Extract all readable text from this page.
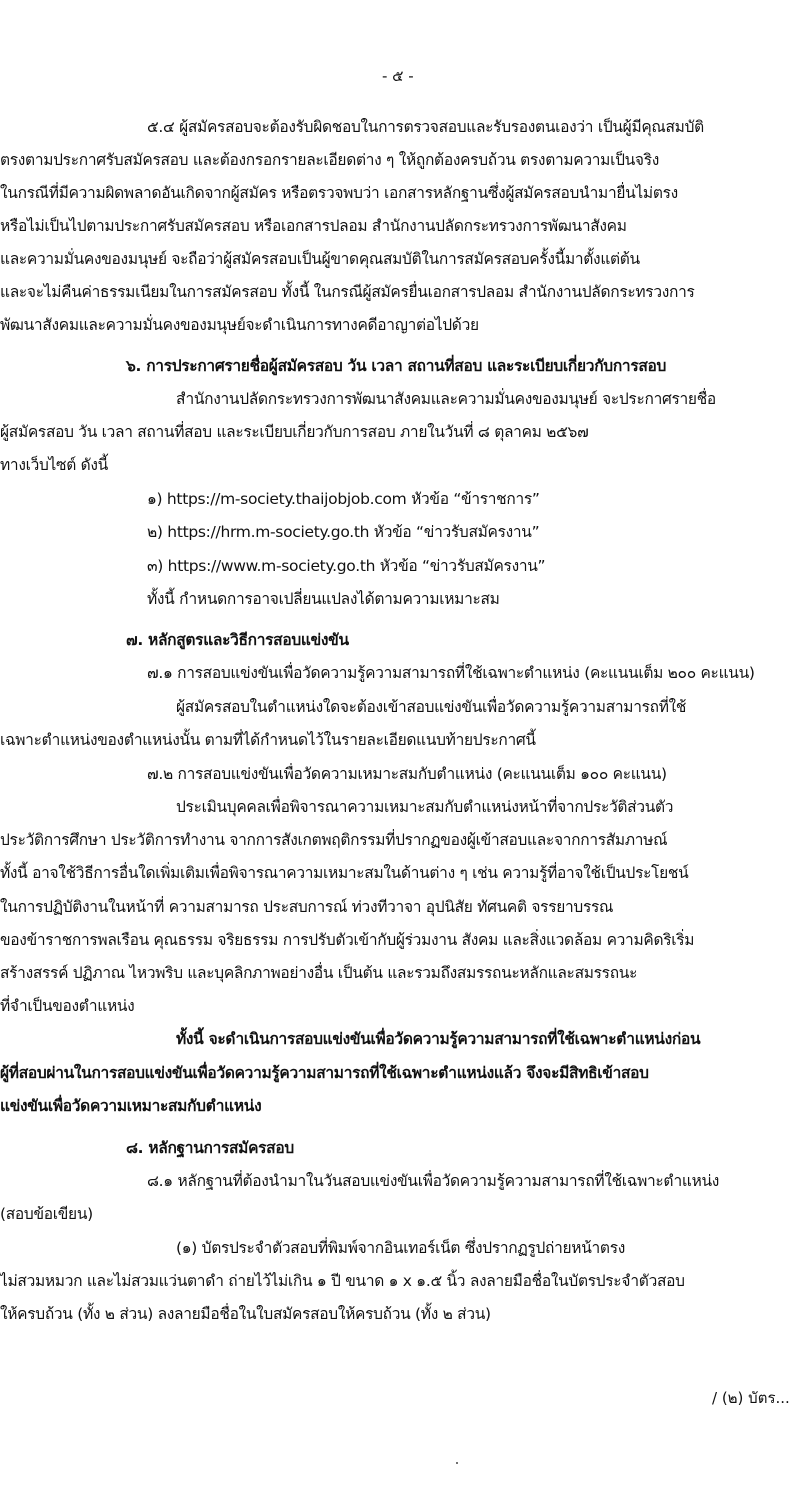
- ๕ -
๕.๔ ผู้สมัครสอบจะต้องรับผิดชอบในการตรวจสอบและรับรองตนเองว่า เป็นผู้มีคุณสมบัติ
ตรงตามประกาศรับสมัครสอบ และต้องกรอกรายละเอียดต่าง ๆ ให้ถูกต้องครบถ้วน ตรงตามความเป็นจริง
ในกรณีที่มีความผิดพลาดอันเกิดจากผู้สมัคร หรือตรวจพบว่า เอกสารหลักฐานซึ่งผู้สมัครสอบนำมายื่นไม่ตรง
หรือไม่เป็นไปตามประกาศรับสมัครสอบ หรือเอกสารปลอม สำนักงานปลัดกระทรวงการพัฒนาสังคม
และความมั่นคงของมนุษย์ จะถือว่าผู้สมัครสอบเป็นผู้ขาดคุณสมบัติในการสมัครสอบครั้งนี้มาตั้งแต่ต้น
และจะไม่คืนค่าธรรมเนียมในการสมัครสอบ ทั้งนี้ ในกรณีผู้สมัครยื่นเอกสารปลอม สำนักงานปลัดกระทรวงการ
พัฒนาสังคมและความมั่นคงของมนุษย์จะดำเนินการทางคดีอาญาต่อไปด้วย
๖. การประกาศรายชื่อผู้สมัครสอบ วัน เวลา สถานที่สอบ และระเบียบเกี่ยวกับการสอบ
สำนักงานปลัดกระทรวงการพัฒนาสังคมและความมั่นคงของมนุษย์ จะประกาศรายชื่อ
ผู้สมัครสอบ วัน เวลา สถานที่สอบ และระเบียบเกี่ยวกับการสอบ ภายในวันที่ ๘ ตุลาคม ๒๕๖๗
ทางเว็บไซต์ ดังนี้
๑) https://m-society.thaijobjob.com หัวข้อ “ข้าราชการ”
๒) https://hrm.m-society.go.th หัวข้อ “ข่าวรับสมัครงาน”
๓) https://www.m-society.go.th หัวข้อ “ข่าวรับสมัครงาน”
ทั้งนี้ กำหนดการอาจเปลี่ยนแปลงได้ตามความเหมาะสม
๗. หลักสูตรและวิธีการสอบแข่งขัน
๗.๑ การสอบแข่งขันเพื่อวัดความรู้ความสามารถที่ใช้เฉพาะตำแหน่ง (คะแนนเต็ม ๒๐๐ คะแนน)
ผู้สมัครสอบในตำแหน่งใดจะต้องเข้าสอบแข่งขันเพื่อวัดความรู้ความสามารถที่ใช้
เฉพาะตำแหน่งของตำแหน่งนั้น ตามที่ได้กำหนดไว้ในรายละเอียดแนบท้ายประกาศนี้
๗.๒ การสอบแข่งขันเพื่อวัดความเหมาะสมกับตำแหน่ง (คะแนนเต็ม ๑๐๐ คะแนน)
ประเมินบุคคลเพื่อพิจารณาความเหมาะสมกับตำแหน่งหน้าที่จากประวัติส่วนตัว
ประวัติการศึกษา ประวัติการทำงาน จากการสังเกตพฤติกรรมที่ปรากฏของผู้เข้าสอบและจากการสัมภาษณ์
ทั้งนี้ อาจใช้วิธีการอื่นใดเพิ่มเติมเพื่อพิจารณาความเหมาะสมในด้านต่าง ๆ เช่น ความรู้ที่อาจใช้เป็นประโยชน์
ในการปฏิบัติงานในหน้าที่ ความสามารถ ประสบการณ์ ท่วงทีวาจา อุปนิสัย ทัศนคติ จรรยาบรรณ
ของข้าราชการพลเรือน คุณธรรม จริยธรรม การปรับตัวเข้ากับผู้ร่วมงาน สังคม และสิ่งแวดล้อม ความคิดริเริ่ม
สร้างสรรค์ ปฏิภาณ ไหวพริบ และบุคลิกภาพอย่างอื่น เป็นต้น และรวมถึงสมรรถนะหลักและสมรรถนะ
ที่จำเป็นของตำแหน่ง
ทั้งนี้ จะดำเนินการสอบแข่งขันเพื่อวัดความรู้ความสามารถที่ใช้เฉพาะตำแหน่งก่อน
ผู้ที่สอบผ่านในการสอบแข่งขันเพื่อวัดความรู้ความสามารถที่ใช้เฉพาะตำแหน่งแล้ว จึงจะมีสิทธิเข้าสอบ
แข่งขันเพื่อวัดความเหมาะสมกับตำแหน่ง
๘. หลักฐานการสมัครสอบ
๘.๑ หลักฐานที่ต้องนำมาในวันสอบแข่งขันเพื่อวัดความรู้ความสามารถที่ใช้เฉพาะตำแหน่ง
(สอบข้อเขียน)
(๑) บัตรประจำตัวสอบที่พิมพ์จากอินเทอร์เน็ต ซึ่งปรากฏรูปถ่ายหน้าตรง
ไม่สวมหมวก และไม่สวมแว่นตาดำ ถ่ายไว้ไม่เกิน ๑ ปี ขนาด ๑ x ๑.๕ นิ้ว ลงลายมือชื่อในบัตรประจำตัวสอบ
ให้ครบถ้วน (ทั้ง ๒ ส่วน) ลงลายมือชื่อในใบสมัครสอบให้ครบถ้วน (ทั้ง ๒ ส่วน)
/ (๒) บัตร...
